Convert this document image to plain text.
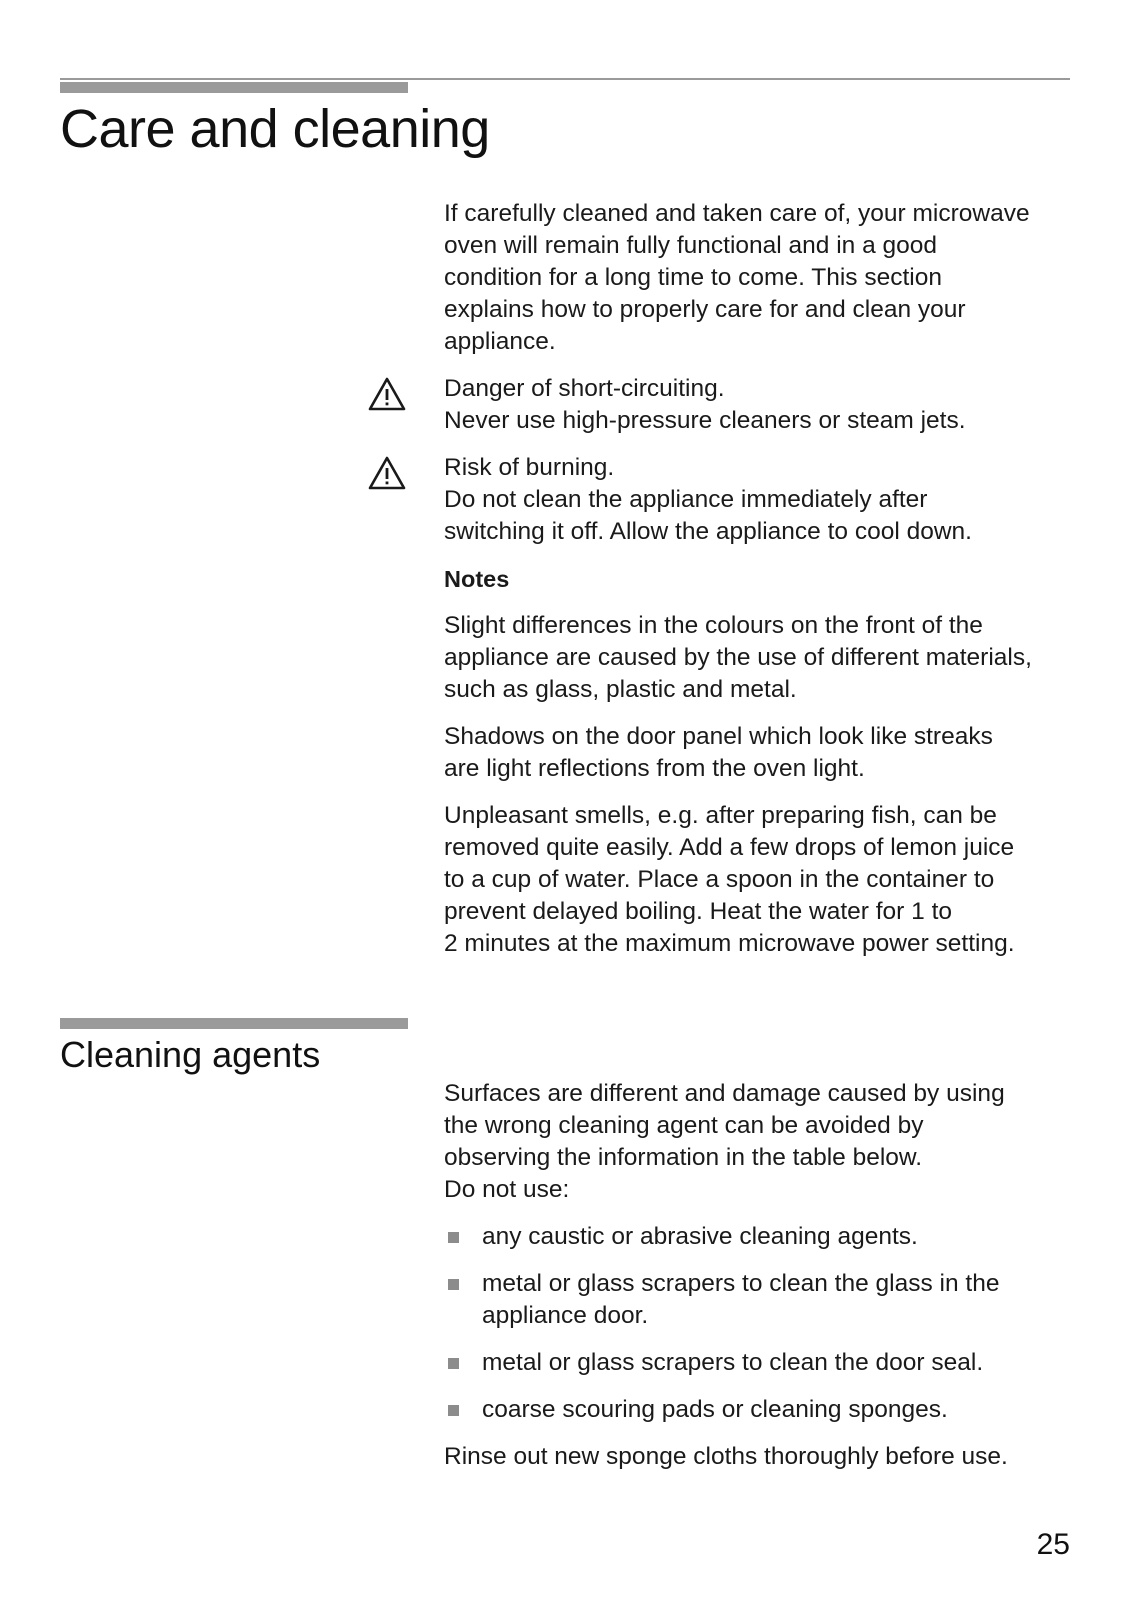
Care and cleaning

If carefully cleaned and taken care of, your microwave
oven will remain fully functional and in a good
condition for a long time to come. This section
explains how to properly care for and clean your
appliance.

Danger of short-circuiting.

Never use high-pressure cleaners or steam jets.

Risk of burning.

Do not clean the appliance immediately after
switching it off. Allow the appliance to cool down.

Notes

Slight differences in the colours on the front of the
appliance are caused by the use of different materials,
such as glass, plastic and metal.

Shadows on the door panel which look like streaks
are light reflections from the oven light.

Unpleasant smells, e.g. after preparing fish, can be
removed quite easily. Add a few drops of lemon juice
to a cup of water. Place a spoon in the container to
prevent delayed boiling. Heat the water for 1 to
2 minutes at the maximum microwave power setting.

Cleaning agents

Surfaces are different and damage caused by using
the wrong cleaning agent can be avoided by
observing the information in the table below.
Do not use:

any caustic or abrasive cleaning agents.
metal or glass scrapers to clean the glass in the
appliance door.
metal or glass scrapers to clean the door seal.
coarse scouring pads or cleaning sponges.

Rinse out new sponge cloths thoroughly before use.

25
